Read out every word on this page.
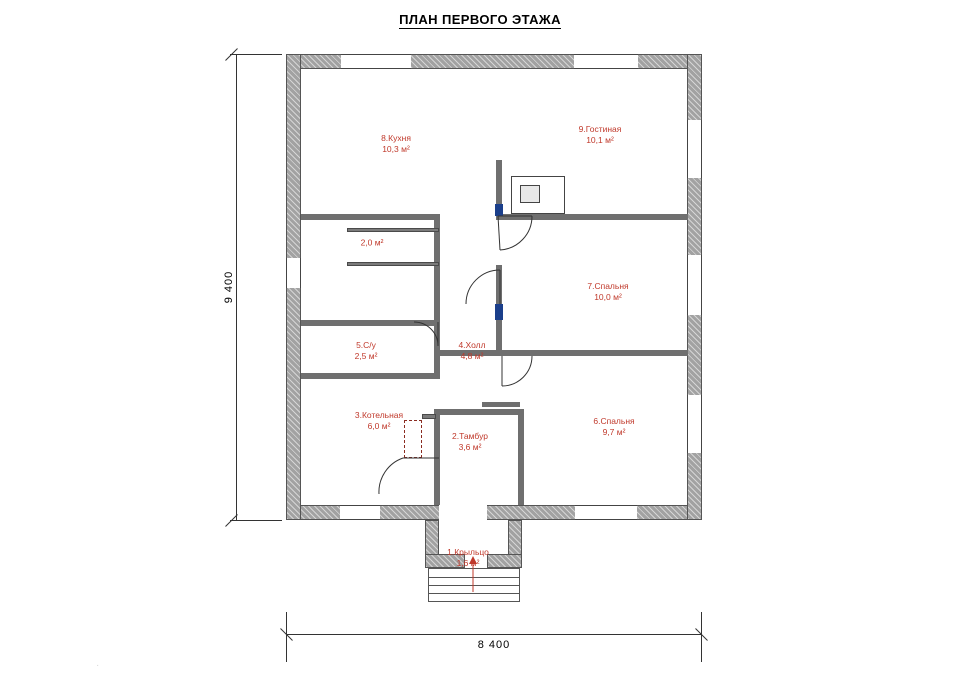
ПЛАН ПЕРВОГО ЭТАЖА
1.Крыльцо
1,6 м²
2.Тамбур
3,6 м²
3.Котельная
6,0 м²
4.Холл
4,8 м²
5.С/у
2,5 м²
6.Спальня
9,7 м²
7.Спальня
10,0 м²
8.Кухня
10,3 м²
9.Гостиная
10,1 м²
2,0 м²
9 400
8 400
·
